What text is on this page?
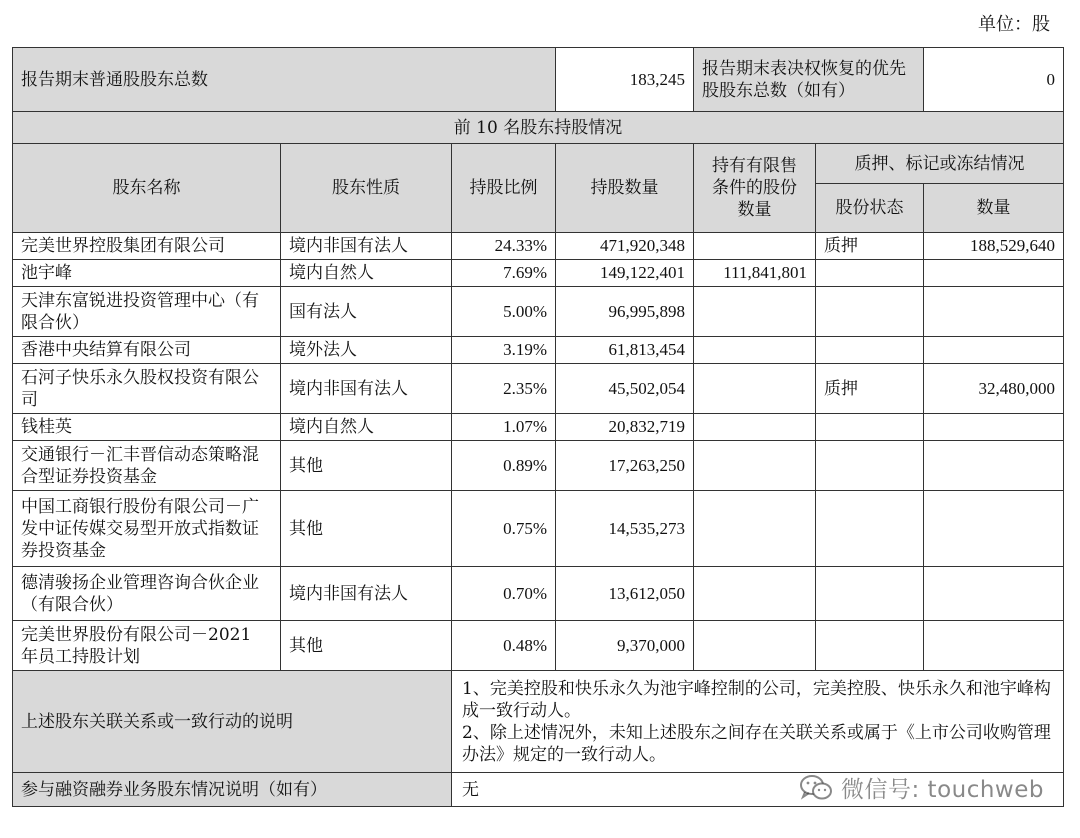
单位：股
报告期末普通股股东总数			183,245	报告期末表决权恢复的优先股股东总数（如有）		0
前 10 名股东持股情况						
股东名称	股东性质	持股比例	持股数量	持有有限售条件的股份数量	质押、标记或冻结情况	
					股份状态	数量
完美世界控股集团有限公司	境内非国有法人	24.33%	471,920,348		质押	188,529,640
池宇峰	境内自然人	7.69%	149,122,401	111,841,801		
天津东富锐进投资管理中心（有限合伙）	国有法人	5.00%	96,995,898			
香港中央结算有限公司	境外法人	3.19%	61,813,454			
石河子快乐永久股权投资有限公司	境内非国有法人	2.35%	45,502,054		质押	32,480,000
钱桂英	境内自然人	1.07%	20,832,719			
交通银行－汇丰晋信动态策略混合型证券投资基金	其他	0.89%	17,263,250			
中国工商银行股份有限公司－广发中证传媒交易型开放式指数证券投资基金	其他	0.75%	14,535,273			
德清骏扬企业管理咨询合伙企业（有限合伙）	境内非国有法人	0.70%	13,612,050			
完美世界股份有限公司－2021 年员工持股计划	其他	0.48%	9,370,000			
上述股东关联关系或一致行动的说明		1、完美控股和快乐永久为池宇峰控制的公司，完美控股、快乐永久和池宇峰构成一致行动人。
2、除上述情况外，未知上述股东之间存在关联关系或属于《上市公司收购管理办法》规定的一致行动人。				

参与融资融券业务股东情况说明（如有）		无					微信号: touchweb
